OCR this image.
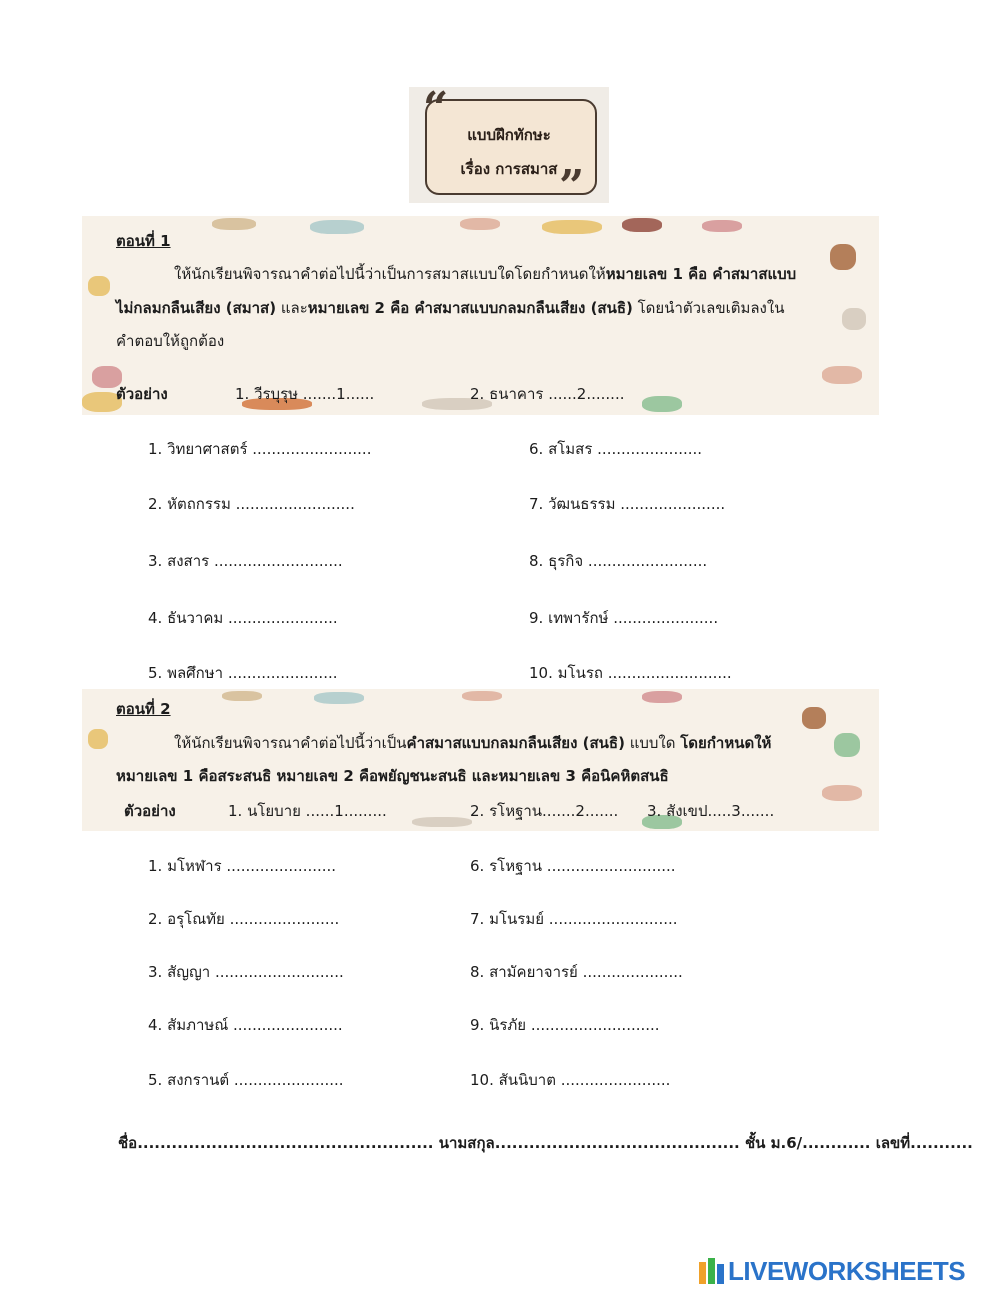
“
”
แบบฝึกทักษะ
เรื่อง การสมาส
ตอนที่ 1
ให้นักเรียนพิจารณาคำต่อไปนี้ว่าเป็นการสมาสแบบใดโดยกำหนดให้หมายเลข 1 คือ คำสมาสแบบ
ไม่กลมกลืนเสียง (สมาส) และหมายเลข 2 คือ คำสมาสแบบกลมกลืนเสียง (สนธิ) โดยนำตัวเลขเติมลงใน
คำตอบให้ถูกต้อง
ตัวอย่าง	1. วีรบุรุษ .......1......	2. ธนาคาร ......2........
1. วิทยาศาสตร์ .........................
2. หัตถกรรม .........................
3. สงสาร ...........................
4. ธันวาคม .......................
5. พลศึกษา .......................
6. สโมสร ......................
7. วัฒนธรรม ......................
8. ธุรกิจ .........................
9. เทพารักษ์ ......................
10. มโนรถ ..........................
ตอนที่ 2
ให้นักเรียนพิจารณาคำต่อไปนี้ว่าเป็นคำสมาสแบบกลมกลืนเสียง (สนธิ) แบบใด โดยกำหนดให้
หมายเลข 1 คือสระสนธิ หมายเลข 2 คือพยัญชนะสนธิ และหมายเลข 3 คือนิคหิตสนธิ
ตัวอย่าง	1. นโยบาย ......1.........	2. รโหฐาน.......2....... 3. สังเขป.....3.......
1. มโหฬาร .......................
2. อรุโณทัย .......................
3. สัญญา ...........................
4. สัมภาษณ์ .......................
5. สงกรานต์ .......................
6. รโหฐาน ...........................
7. มโนรมย์ ...........................
8. สามัคยาจารย์ .....................
9. นิรภัย ...........................
10. สันนิบาต .......................
ชื่อ.................................................... นามสกุล........................................... ชั้น ม.6/............ เลขที่...........
LIVEWORKSHEETS
